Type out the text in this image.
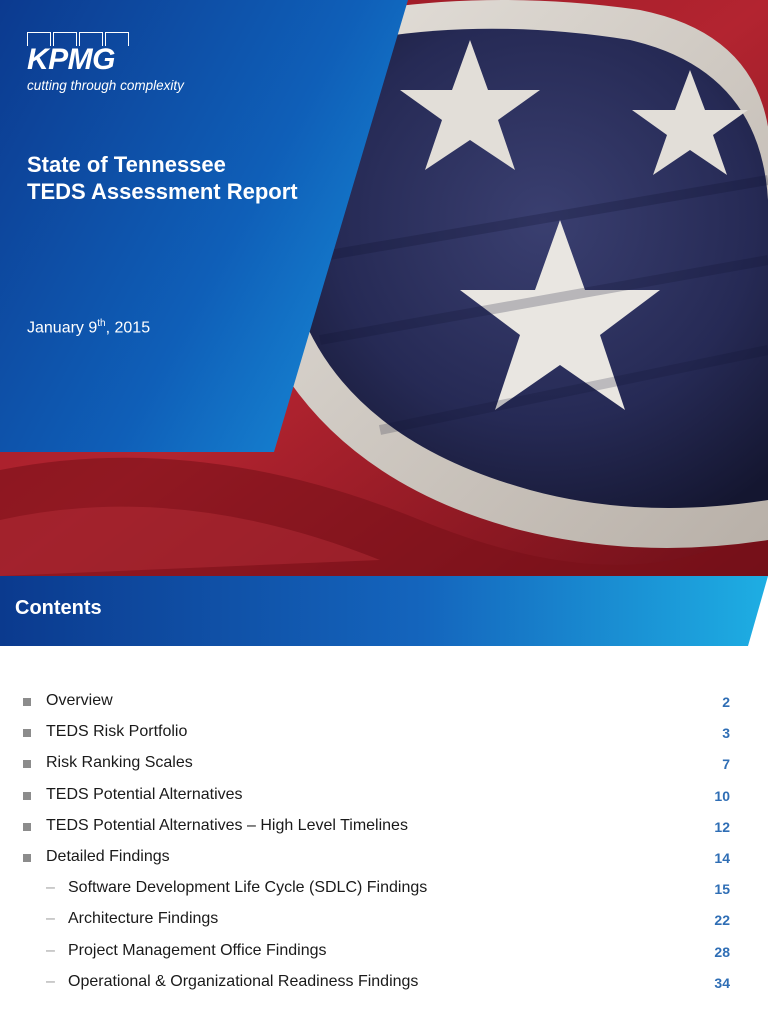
KPMG
cutting through complexity
State of Tennessee
TEDS Assessment Report
January 9th, 2015
Contents
Overview	2
TEDS Risk Portfolio	3
Risk Ranking Scales	7
TEDS Potential Alternatives	10
TEDS Potential Alternatives – High Level Timelines	12
Detailed Findings	14
– Software Development Life Cycle (SDLC) Findings	15
– Architecture Findings	22
– Project Management Office Findings	28
– Operational & Organizational Readiness Findings	34
